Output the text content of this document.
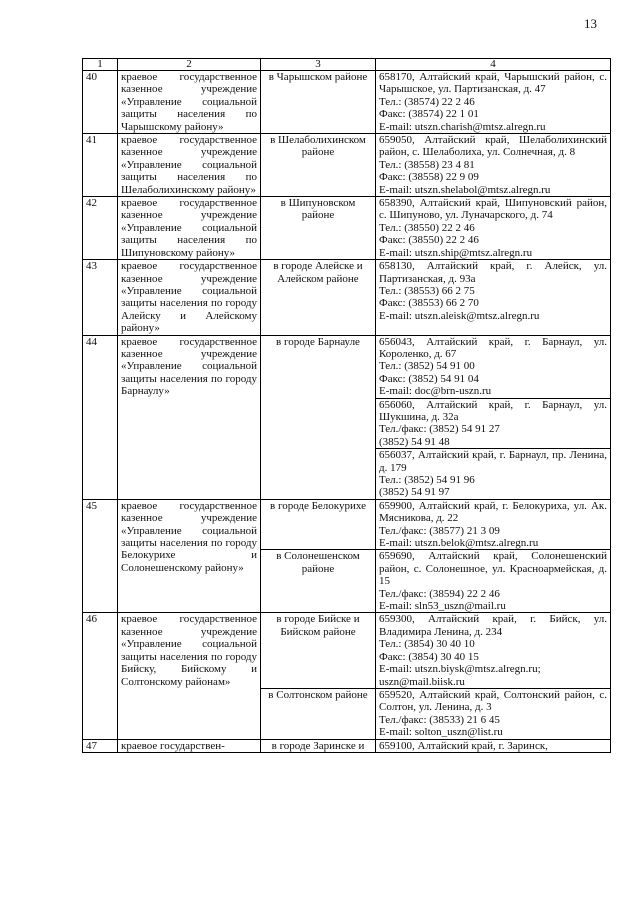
13
1	2	3	4
40	краевое государственное казенное учреждение «Управление социальной защиты населения по Чарышскому району»	в Чарышском районе	658170, Алтайский край, Чарышский район, с. Чарышское, ул. Партизанская, д. 47
Тел.: (38574) 22 2 46
Факс: (38574) 22 1 01
E-mail: utszn.charish@mtsz.alregn.ru

41	краевое государственное казенное учреждение «Управление социальной защиты населения по Шелаболихинскому району»	в Шелаболихинском районе	659050, Алтайский край, Шелаболихинский район, с. Шелаболиха, ул. Солнечная, д. 8
Тел.: (38558) 23 4 81
Факс: (38558) 22 9 09
E-mail: utszn.shelabol@mtsz.alregn.ru

42	краевое государственное казенное учреждение «Управление социальной защиты населения по Шипуновскому району»	в Шипуновском районе	658390, Алтайский край, Шипуновский район, с. Шипуново, ул. Луначарского, д. 74
Тел.: (38550) 22 2 46
Факс: (38550) 22 2 46
E-mail: utszn.ship@mtsz.alregn.ru

43	краевое государственное казенное учреждение «Управление социальной защиты населения по городу Алейску и Алейскому району»	в городе Алейске и Алейском районе	658130, Алтайский край, г. Алейск, ул. Партизанская, д. 93а
Тел.: (38553) 66 2 75
Факс: (38553) 66 2 70
E-mail: utszn.aleisk@mtsz.alregn.ru

44	краевое государственное казенное учреждение «Управление социальной защиты населения по городу Барнаулу»	в городе Барнауле	656043, Алтайский край, г. Барнаул, ул. Короленко, д. 67
Тел.: (3852) 54 91 00
Факс: (3852) 54 91 04
E-mail: doc@brn-uszn.ru

			656060, Алтайский край, г. Барнаул, ул. Шукшина, д. 32а
Тел./факс: (3852) 54 91 27
(3852) 54 91 48

			656037, Алтайский край, г. Барнаул, пр. Ленина, д. 179
Тел.: (3852) 54 91 96
(3852) 54 91 97

45	краевое государственное казенное учреждение «Управление социальной защиты населения по городу Белокурихе и Солонешенскому району»	в городе Белокурихе	659900, Алтайский край, г. Белокуриха, ул. Ак. Мясникова, д. 22
Тел./факс: (38577) 21 3 09
E-mail: utszn.belok@mtsz.alregn.ru

		в Солонешенском районе	659690, Алтайский край, Солонешенский район, с. Солонешное, ул. Красноармейская, д. 15
Тел./факс: (38594) 22 2 46
E-mail: sln53_uszn@mail.ru

46	краевое государственное казенное учреждение «Управление социальной защиты населения по городу Бийску, Бийскому и Солтонскому районам»	в городе Бийске и Бийском районе	659300, Алтайский край, г. Бийск, ул. Владимира Ленина, д. 234
Тел.: (3854) 30 40 10
Факс: (3854) 30 40 15
E-mail: utszn.biysk@mtsz.alregn.ru;
uszn@mail.biisk.ru

		в Солтонском районе	659520, Алтайский край, Солтонский район, с. Солтон, ул. Ленина, д. 3
Тел./факс: (38533) 21 6 45
E-mail: solton_uszn@list.ru

47	краевое государствен-	в городе Заринске и	659100, Алтайский край, г. Заринск,
